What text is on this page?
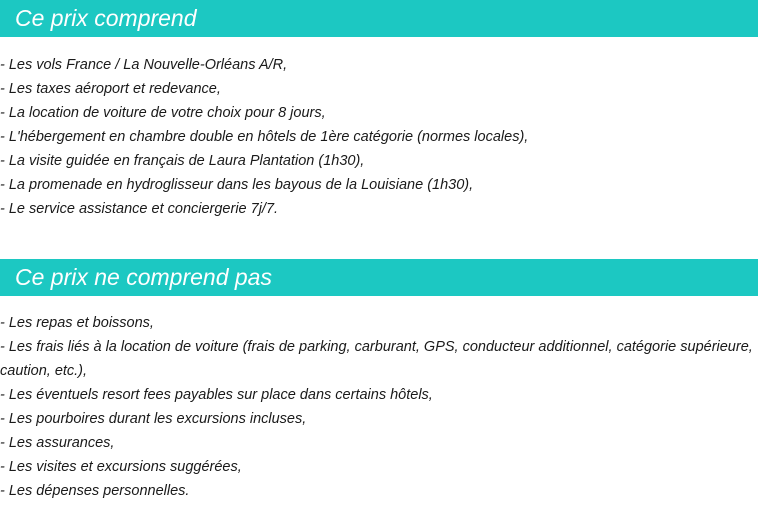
Ce prix comprend
- Les vols France / La Nouvelle-Orléans A/R,
- Les taxes aéroport et redevance,
- La location de voiture de votre choix pour 8 jours,
- L'hébergement en chambre double en hôtels de 1ère catégorie (normes locales),
- La visite guidée en français de Laura Plantation (1h30),
- La promenade en hydroglisseur dans les bayous de la Louisiane (1h30),
- Le service assistance et conciergerie 7j/7.
Ce prix ne comprend pas
- Les repas et boissons,
- Les frais liés à la location de voiture (frais de parking, carburant, GPS, conducteur additionnel, catégorie supérieure, caution, etc.),
- Les éventuels resort fees payables sur place dans certains hôtels,
- Les pourboires durant les excursions incluses,
- Les assurances,
- Les visites et excursions suggérées,
- Les dépenses personnelles.
